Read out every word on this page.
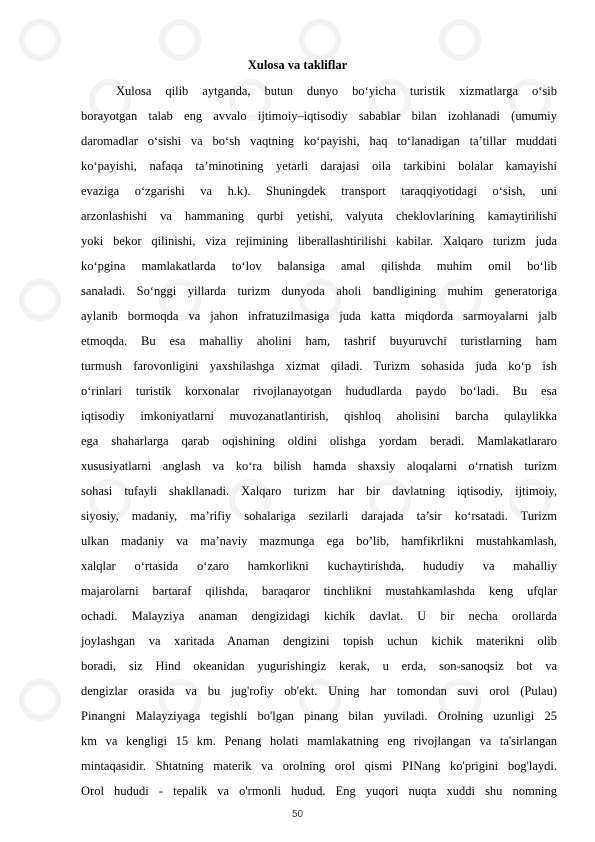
Xulosa va takliflar
Xulosa qilib aytganda, butun dunyo bo‘yicha turistik xizmatlarga o‘sib
borayotgan talab eng avvalo ijtimoiy–iqtisodiy sabablar bilan izohlanadi (umumiy
daromadlar o‘sishi va bo‘sh vaqtning ko‘payishi, haq to‘lanadigan ta’tillar muddati
ko‘payishi, nafaqa ta’minotining yetarli darajasi oila tarkibini bolalar kamayishi
evaziga o‘zgarishi va h.k). Shuningdek transport taraqqiyotidagi o‘sish, uni
arzonlashishi va hammaning qurbi yetishi, valyuta cheklovlarining kamaytirilishi
yoki bekor qilinishi, viza rejimining liberallashtirilishi kabilar. Xalqaro turizm juda
ko‘pgina mamlakatlarda to‘lov balansiga amal qilishda muhim omil bo‘lib
sanaladi. So‘nggi yillarda turizm dunyoda aholi bandligining muhim generatoriga
aylanib bormoqda va jahon infratuzilmasiga juda katta miqdorda sarmoyalarni jalb
etmoqda. Bu esa mahalliy aholini ham, tashrif buyuruvchi turistlarning ham
turmush farovonligini yaxshilashga xizmat qiladi. Turizm sohasida juda ko‘p ish
o‘rinlari turistik korxonalar rivojlanayotgan hududlarda paydo bo‘ladi. Bu esa
iqtisodiy imkoniyatlarni muvozanatlantirish, qishloq aholisini barcha qulaylikka
ega shaharlarga qarab oqishining oldini olishga yordam beradi. Mamlakatlararo
xususiyatlarni anglash va ko‘ra bilish hamda shaxsiy aloqalarni o‘rnatish turizm
sohasi tufayli shakllanadi. Xalqaro turizm har bir davlatning iqtisodiy, ijtimoiy,
siyosiy, madaniy, ma’rifiy sohalariga sezilarli darajada ta’sir ko‘rsatadi. Turizm
ulkan madaniy va ma’naviy mazmunga ega bo’lib, hamfikrlikni mustahkamlash,
xalqlar o‘rtasida o‘zaro hamkorlikni kuchaytirishda, hududiy va mahalliy
majarolarni bartaraf qilishda, baraqaror tinchlikni mustahkamlashda keng ufqlar
ochadi. Malayziya anaman dengizidagi kichik davlat. U bir necha orollarda
joylashgan va xaritada Anaman dengizini topish uchun kichik materikni olib
boradi, siz Hind okeanidan yugurishingiz kerak, u erda, son-sanoqsiz bot va
dengizlar orasida va bu jug'rofiy ob'ekt. Uning har tomondan suvi orol (Pulau)
Pinangni Malayziyaga tegishli bo'lgan pinang bilan yuviladi. Orolning uzunligi 25
km va kengligi 15 km. Penang holati mamlakatning eng rivojlangan va ta'sirlangan
mintaqasidir. Shtatning materik va orolning orol qismi PINang ko'prigini bog'laydi.
Orol hududi - tepalik va o'rmonli hudud. Eng yuqori nuqta xuddi shu nomning
50
